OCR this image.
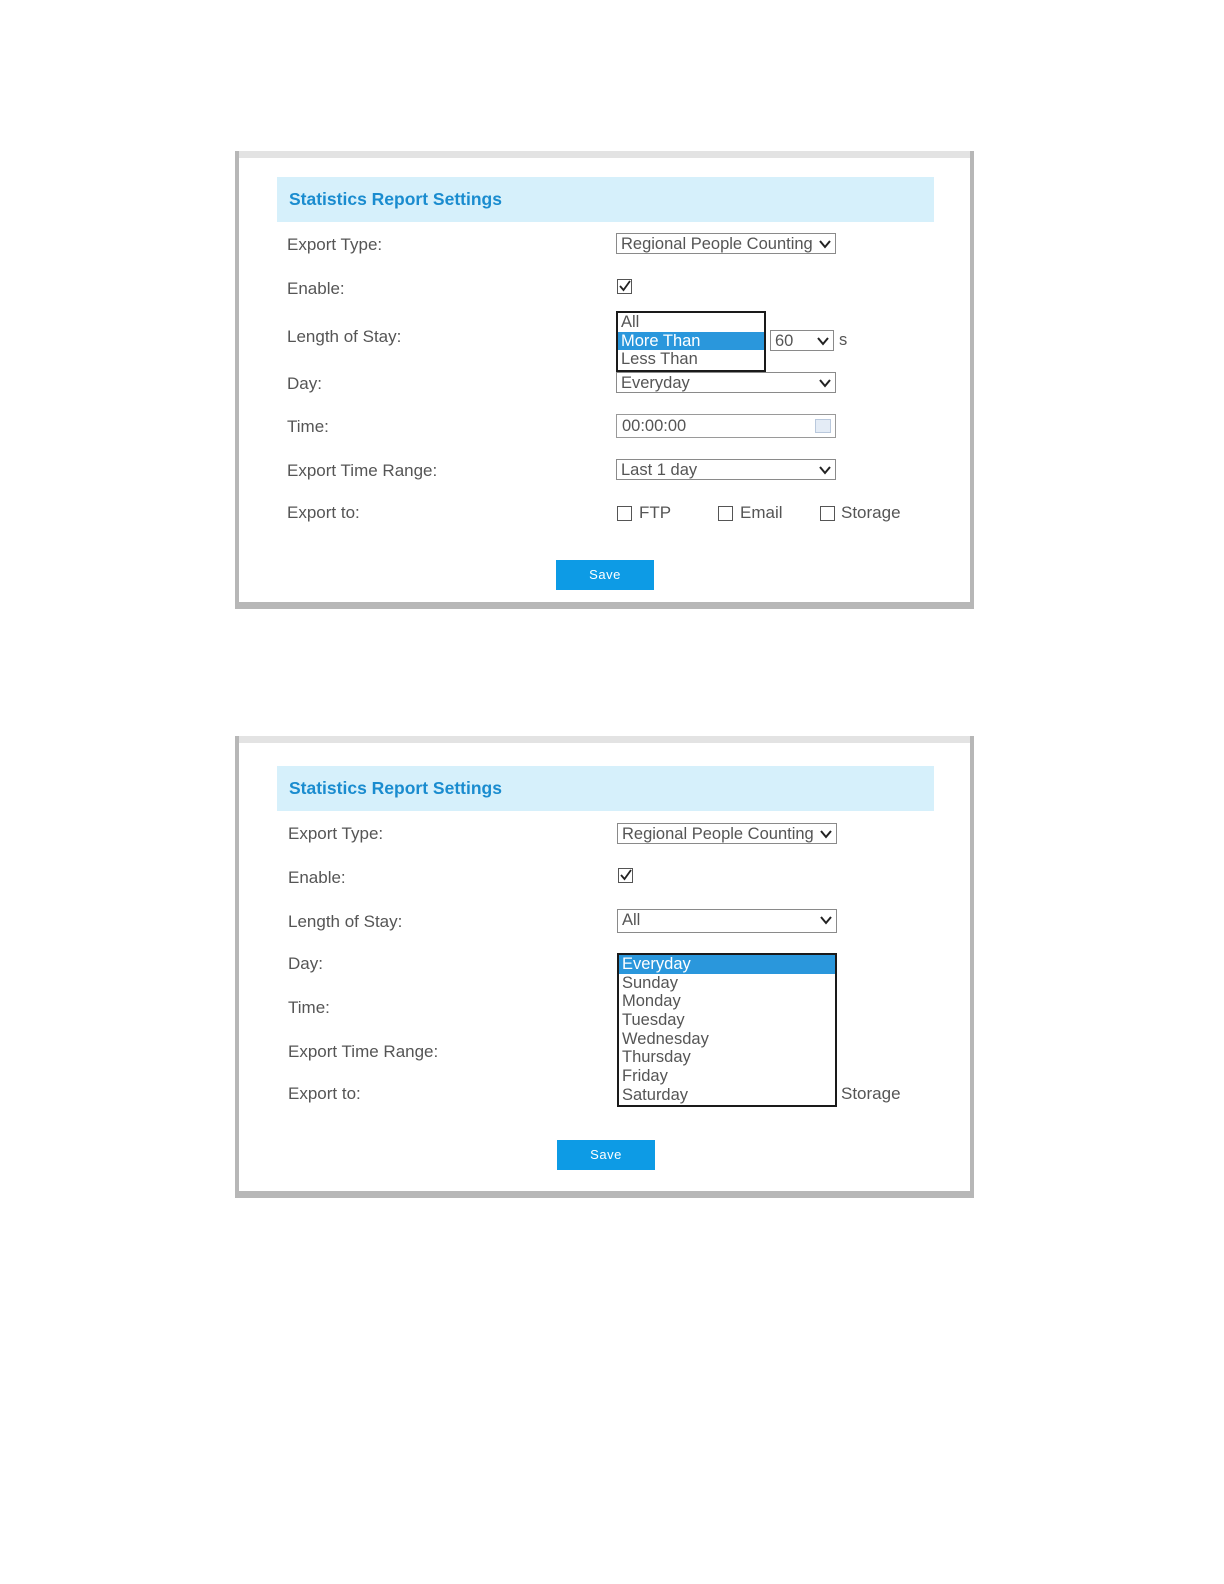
Statistics Report Settings
Export Type:	Regional People Counting
Enable:
Length of Stay:
All
More Than
Less Than
60	s
Day:	Everyday
Time:	00:00:00
Export Time Range:	Last 1 day
Export to:	FTP	Email	Storage
Save
Statistics Report Settings
Export Type:	Regional People Counting
Enable:
Length of Stay:	All
Day:	Everyday
Sunday
Monday
Tuesday
Wednesday
Thursday
Friday
Saturday
Time:
Export Time Range:
Export to:	Storage
Save
